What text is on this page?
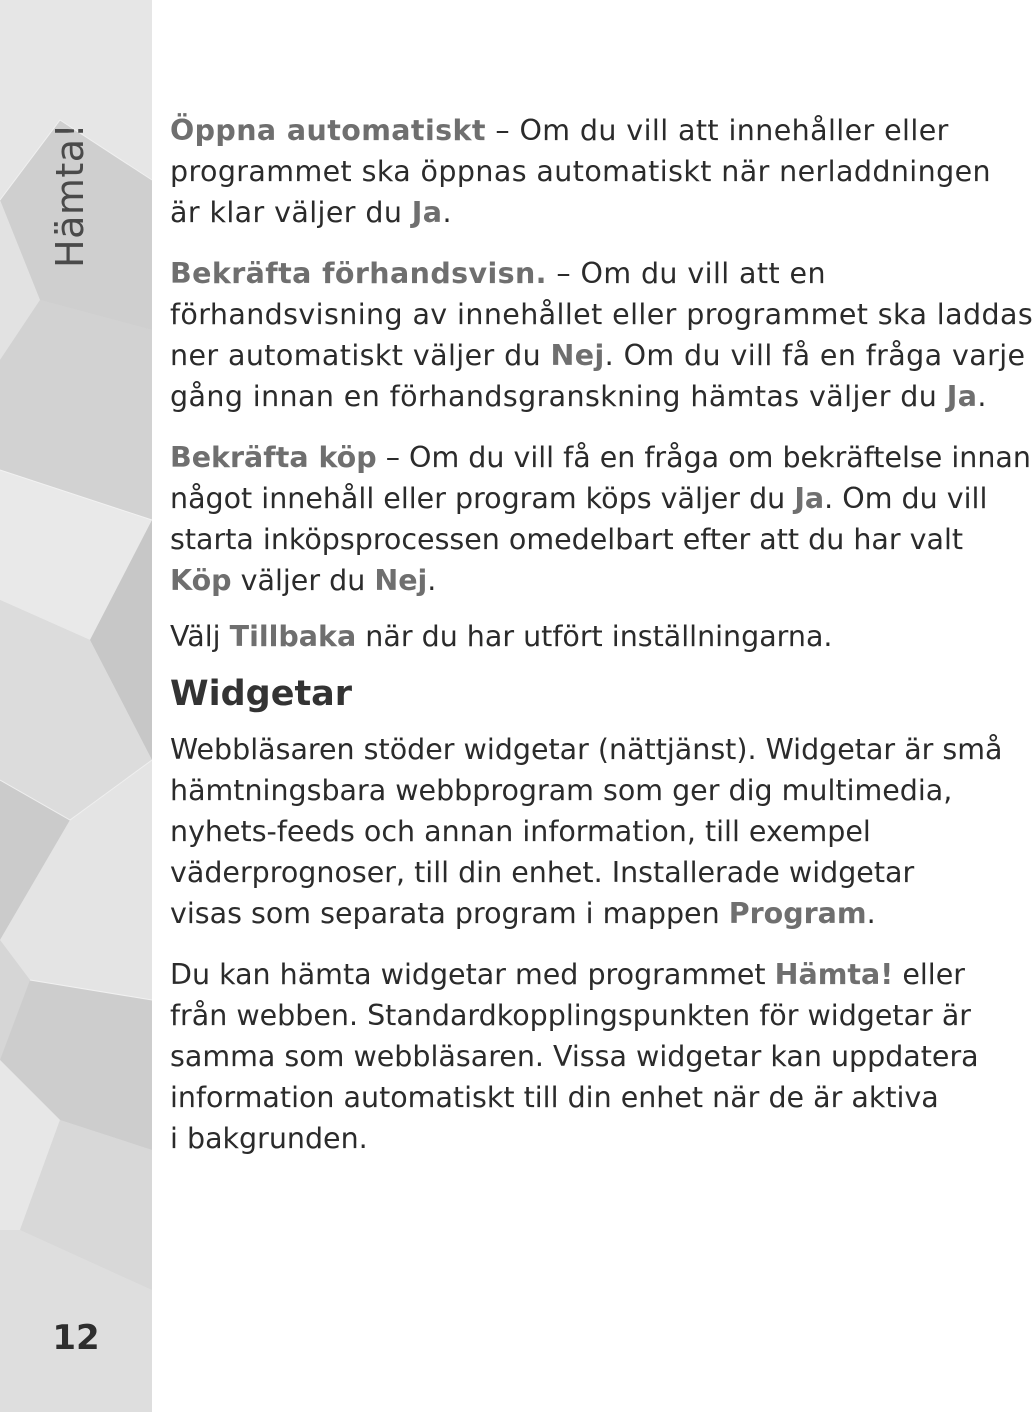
Hämta!
12

Öppna automatiskt – Om du vill att innehåller eller
programmet ska öppnas automatiskt när nerladdningen
är klar väljer du Ja.

Bekräfta förhandsvisn. – Om du vill att en
förhandsvisning av innehållet eller programmet ska laddas
ner automatiskt väljer du Nej. Om du vill få en fråga varje
gång innan en förhandsgranskning hämtas väljer du Ja.

Bekräfta köp – Om du vill få en fråga om bekräftelse innan
något innehåll eller program köps väljer du Ja. Om du vill
starta inköpsprocessen omedelbart efter att du har valt
Köp väljer du Nej.

Välj Tillbaka när du har utfört inställningarna.

Widgetar

Webbläsaren stöder widgetar (nättjänst). Widgetar är små
hämtningsbara webbprogram som ger dig multimedia,
nyhets-feeds och annan information, till exempel
väderprognoser, till din enhet. Installerade widgetar
visas som separata program i mappen Program.

Du kan hämta widgetar med programmet Hämta! eller
från webben. Standardkopplingspunkten för widgetar är
samma som webbläsaren. Vissa widgetar kan uppdatera
information automatiskt till din enhet när de är aktiva
i bakgrunden.
